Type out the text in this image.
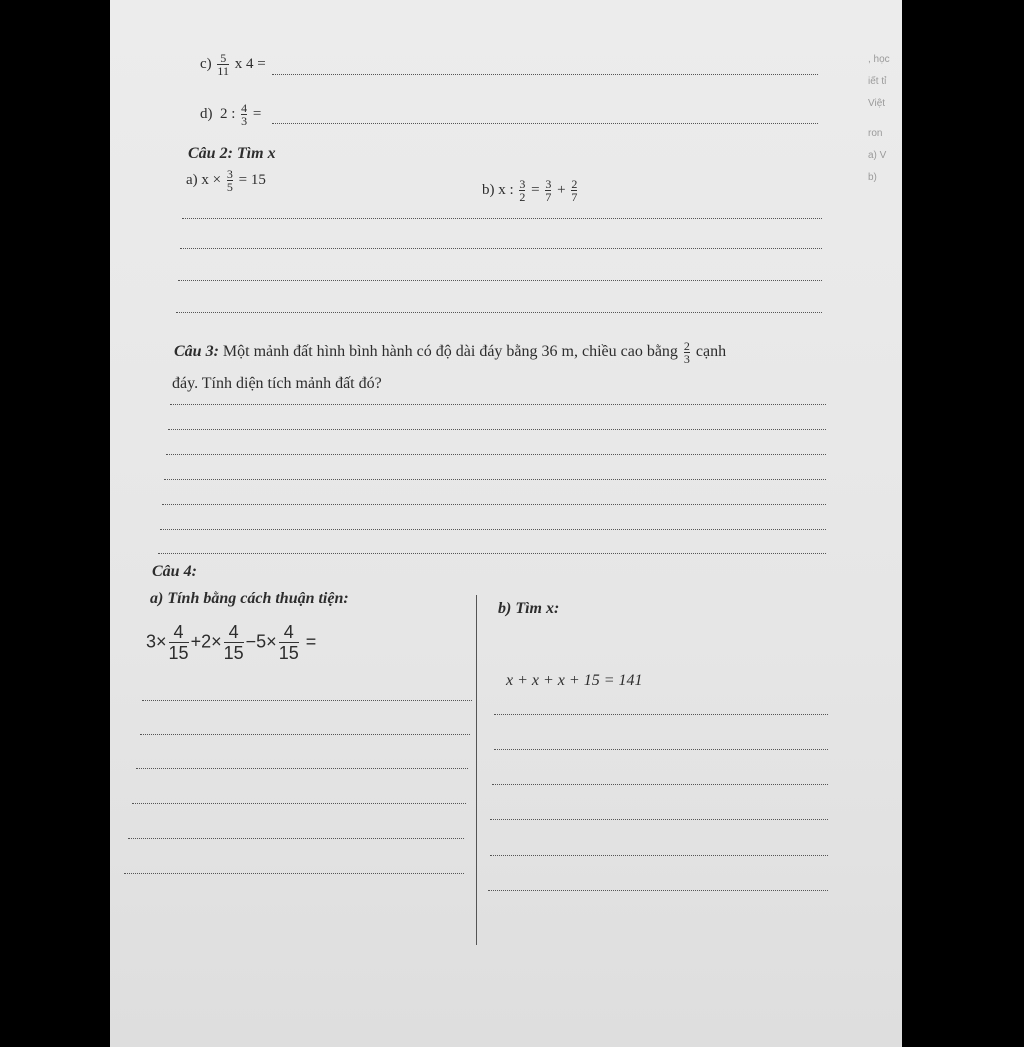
, học
iết tỉ
Việt
ron
a) V
b)
$c) \frac{5}{11}$ x 4 =
d) 2 : $\frac{4}{3}$ =
Câu 2: Tìm x
a) $x \times \frac{3}{5} = 15$
b) x : $\frac{3}{2} = \frac{3}{7} + \frac{2}{7}$
Câu 3: Một mảnh đất hình bình hành có độ dài đáy bằng 36 m, chiều cao bằng $\frac{2}{3}$ cạnh
đáy. Tính diện tích mảnh đất đó?
Câu 4:
a) Tính bằng cách thuận tiện:
b) Tìm x:
$3\times \frac{4}{15} +2\times \frac{4}{15} -5\times \frac{4}{15}$ =
x + x + x + 15 = 141
